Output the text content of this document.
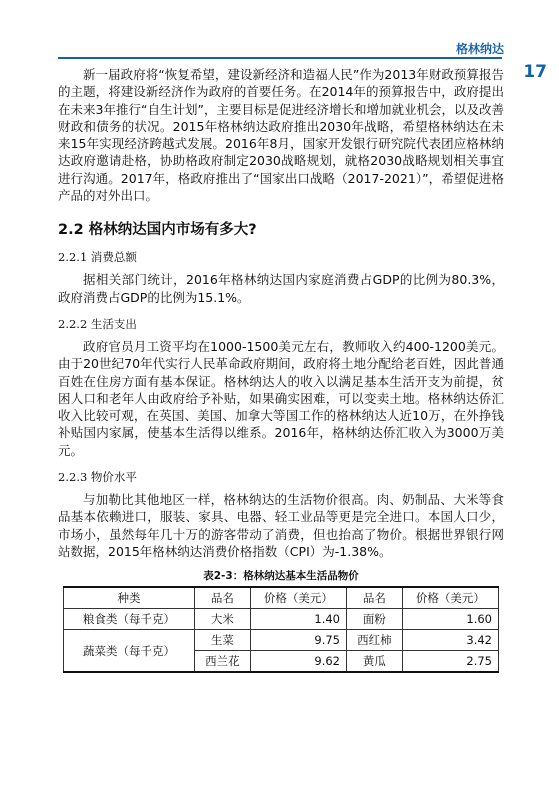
格林纳达
17

新一届政府将“恢复希望，建设新经济和造福人民”作为2013年财政预算报告的主题，将建设新经济作为政府的首要任务。在2014年的预算报告中，政府提出在未来3年推行“自生计划”，主要目标是促进经济增长和增加就业机会，以及改善财政和债务的状况。2015年格林纳达政府推出2030年战略，希望格林纳达在未来15年实现经济跨越式发展。2016年8月，国家开发银行研究院代表团应格林纳达政府邀请赴格，协助格政府制定2030战略规划，就格2030战略规划相关事宜进行沟通。2017年，格政府推出了“国家出口战略（2017-2021）”，希望促进格产品的对外出口。

2.2 格林纳达国内市场有多大?
2.2.1 消费总额

据相关部门统计，2016年格林纳达国内家庭消费占GDP的比例为80.3%，政府消费占GDP的比例为15.1%。

2.2.2 生活支出

政府官员月工资平均在1000-1500美元左右，教师收入约400-1200美元。由于20世纪70年代实行人民革命政府期间，政府将土地分配给老百姓，因此普通百姓在住房方面有基本保证。格林纳达人的收入以满足基本生活开支为前提，贫困人口和老年人由政府给予补贴，如果确实困难，可以变卖土地。格林纳达侨汇收入比较可观，在英国、美国、加拿大等国工作的格林纳达人近10万，在外挣钱补贴国内家属，使基本生活得以维系。2016年，格林纳达侨汇收入为3000万美元。

2.2.3 物价水平

与加勒比其他地区一样，格林纳达的生活物价很高。肉、奶制品、大米等食品基本依赖进口，服装、家具、电器、轻工业品等更是完全进口。本国人口少，市场小，虽然每年几十万的游客带动了消费，但也抬高了物价。根据世界银行网站数据，2015年格林纳达消费价格指数（CPI）为-1.38%。

表2-3：格林纳达基本生活品物价
种类	品名	价格（美元）	品名	价格（美元）
粮食类（每千克）	大米	1.40	面粉	1.60
蔬菜类（每千克）	生菜	9.75	西红柿	3.42
	西兰花	9.62	黄瓜	2.75
